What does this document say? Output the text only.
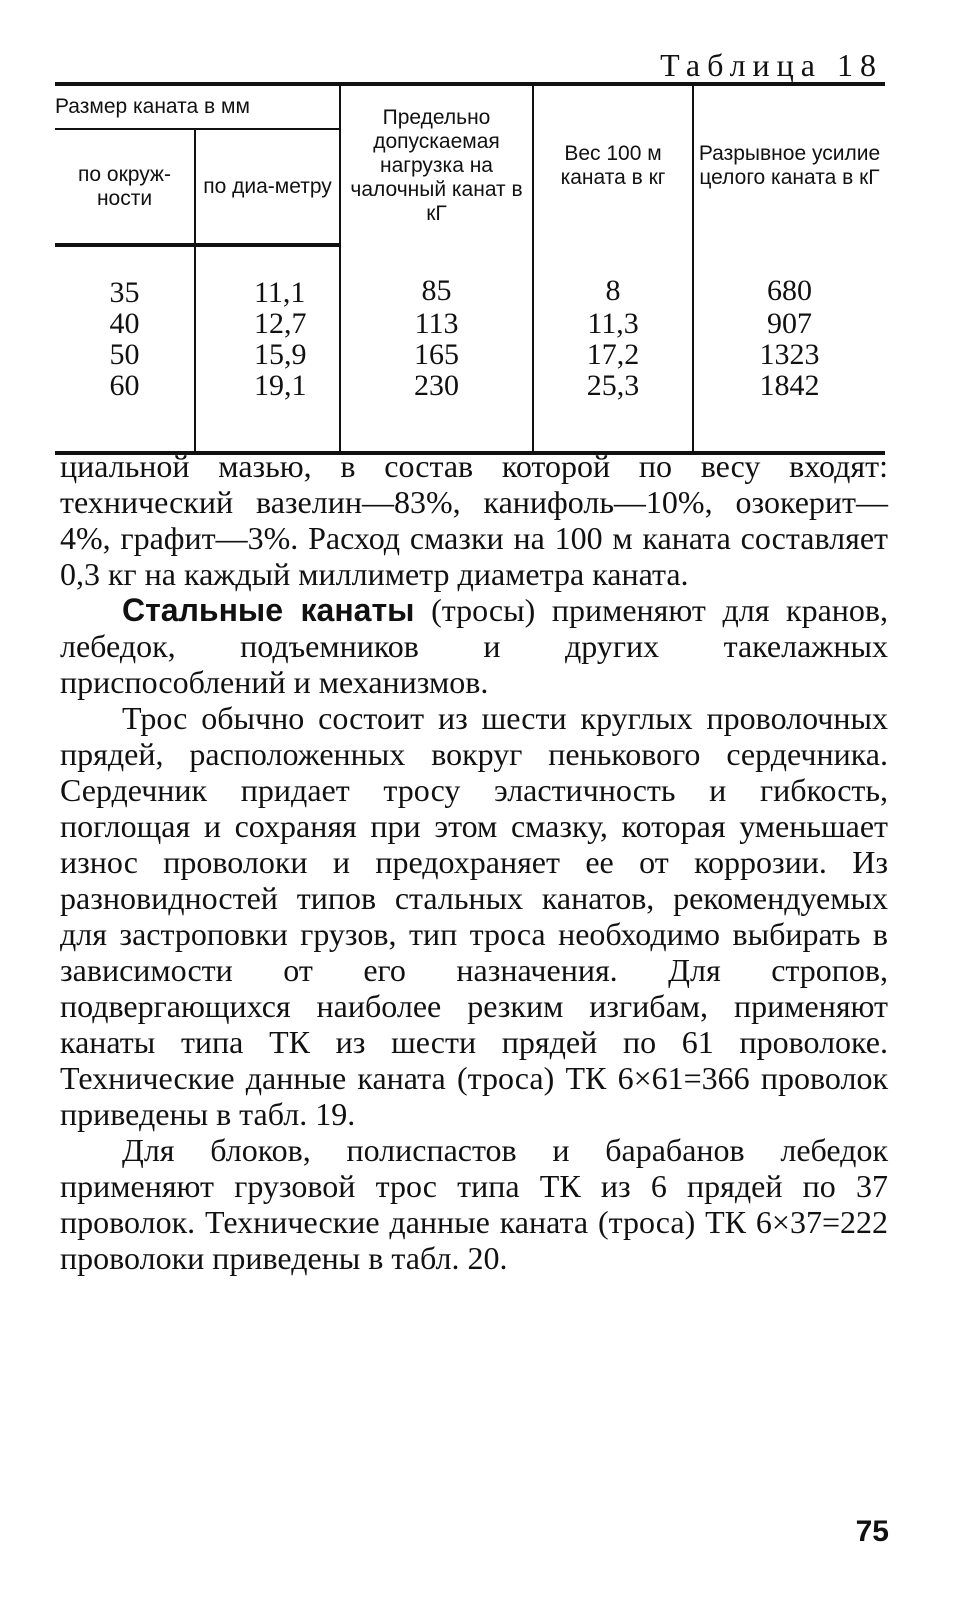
Таблица 18
Размер каната в мм		Предельно допускаемая нагрузка на чалочный канат в кГ	Вес 100 м каната в кг	Разрывное усилие целого каната в кГ
по окруж-ности	по диа-метру			
35	11,1	85	8	680
40	12,7	113	11,3	907
50	15,9	165	17,2	1323
60	19,1	230	25,3	1842

циальной мазью, в состав которой по весу входят: технический вазелин—83%, канифоль—10%, озокерит—4%, графит—3%. Расход смазки на 100 м каната составляет 0,3 кг на каждый миллиметр диаметра каната.

Стальные канаты (тросы) применяют для кранов, лебедок, подъемников и других такелажных приспособлений и механизмов.

Трос обычно состоит из шести круглых проволочных прядей, расположенных вокруг пенькового сердечника. Сердечник придает тросу эластичность и гибкость, поглощая и сохраняя при этом смазку, которая уменьшает износ проволоки и предохраняет ее от коррозии. Из разновидностей типов стальных канатов, рекомендуемых для застроповки грузов, тип троса необходимо выбирать в зависимости от его назначения. Для стропов, подвергающихся наиболее резким изгибам, применяют канаты типа ТК из шести прядей по 61 проволоке. Технические данные каната (троса) ТК 6×61=366 проволок приведены в табл. 19.

Для блоков, полиспастов и барабанов лебедок применяют грузовой трос типа ТК из 6 прядей по 37 проволок. Технические данные каната (троса) ТК 6×37=222 проволоки приведены в табл. 20.

75
